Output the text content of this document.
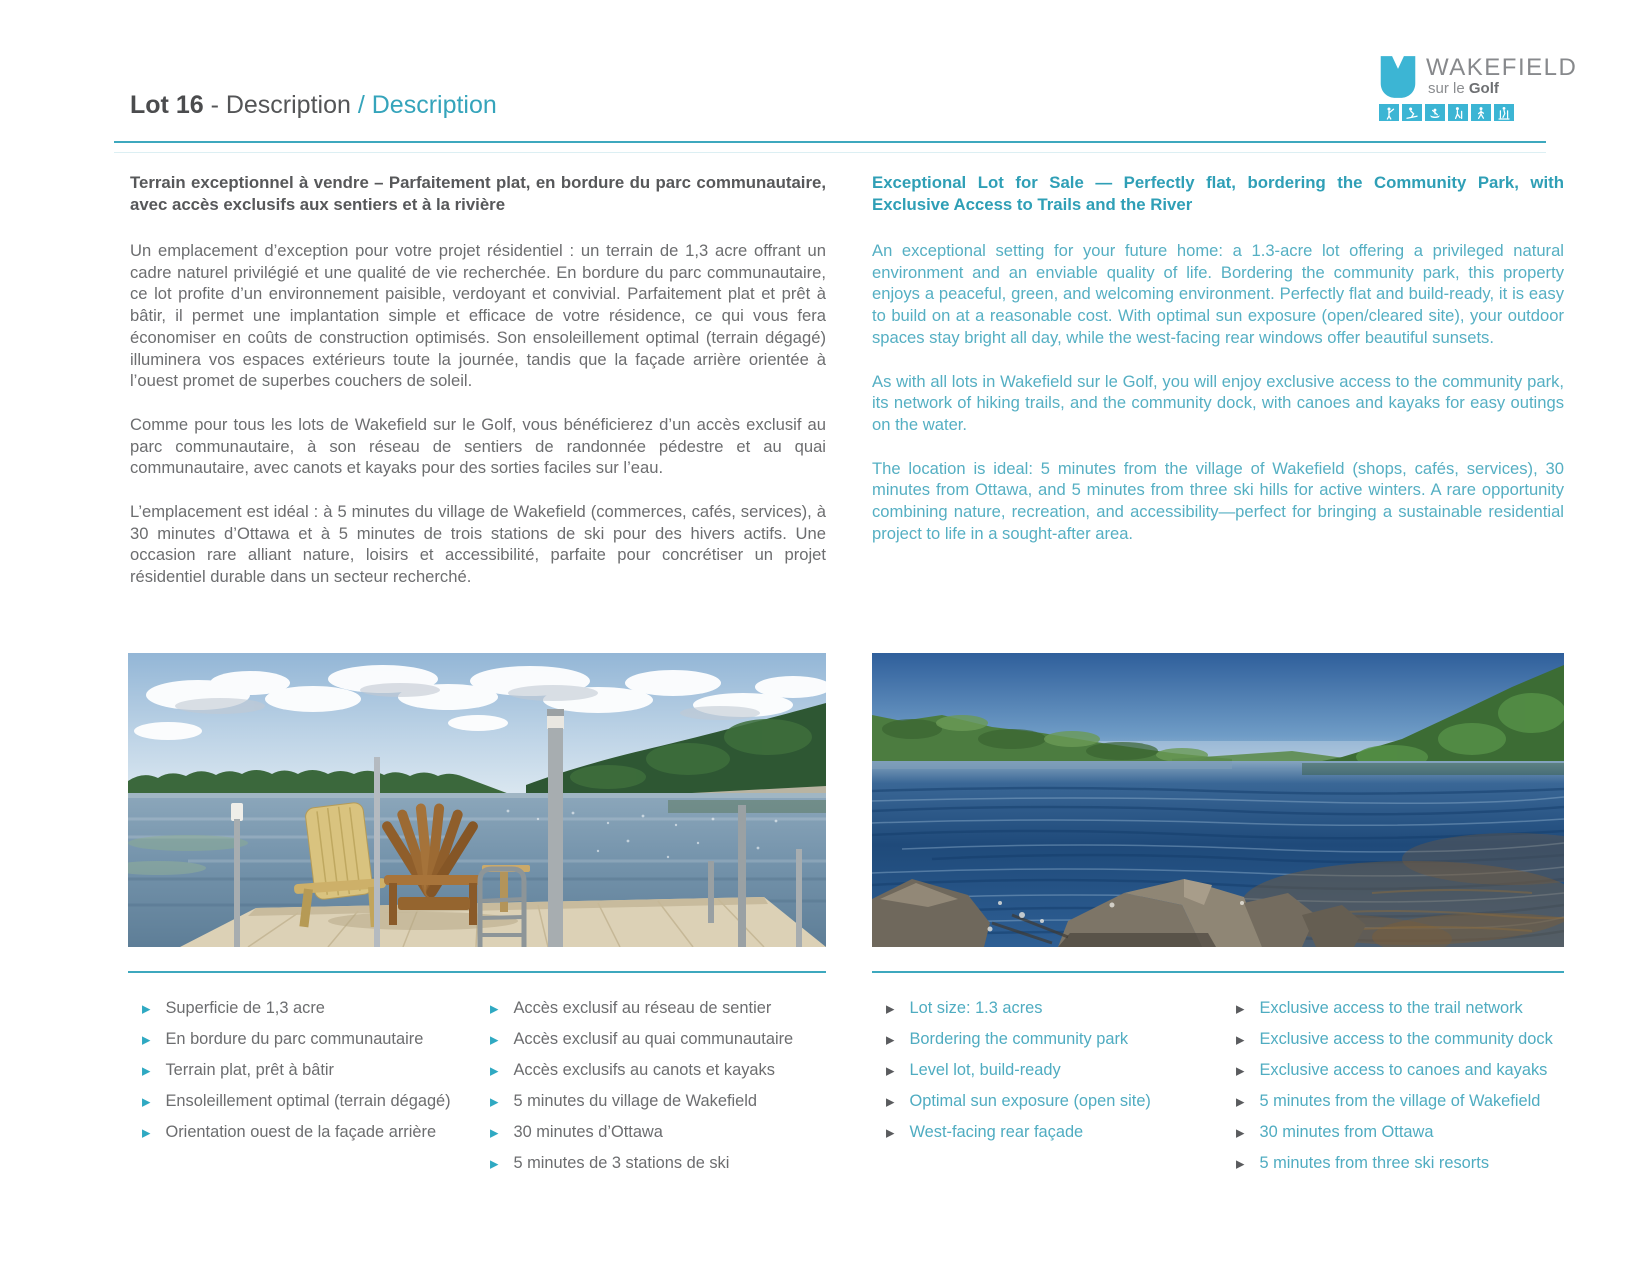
Lot 16 - Description / Description
WAKEFIELD
sur le Golf
Terrain exceptionnel à vendre – Parfaitement plat, en bordure du parc communautaire, avec accès exclusifs aux sentiers et à la rivière

Un emplacement d’exception pour votre projet résidentiel : un terrain de 1,3 acre offrant un cadre naturel privilégié et une qualité de vie recherchée. En bordure du parc communautaire, ce lot profite d’un environnement paisible, verdoyant et convivial. Parfaitement plat et prêt à bâtir, il permet une implantation simple et efficace de votre résidence, ce qui vous fera économiser en coûts de construction optimisés. Son ensoleillement optimal (terrain dégagé) illuminera vos espaces extérieurs toute la journée, tandis que la façade arrière orientée à l’ouest promet de superbes couchers de soleil.

Comme pour tous les lots de Wakefield sur le Golf, vous bénéficierez d’un accès exclusif au parc communautaire, à son réseau de sentiers de randonnée pédestre et au quai communautaire, avec canots et kayaks pour des sorties faciles sur l’eau.

L’emplacement est idéal : à 5 minutes du village de Wakefield (commerces, cafés, services), à 30 minutes d’Ottawa et à 5 minutes de trois stations de ski pour des hivers actifs. Une occasion rare alliant nature, loisirs et accessibilité, parfaite pour concrétiser un projet résidentiel durable dans un secteur recherché.

Exceptional Lot for Sale — Perfectly flat, bordering the Community Park, with Exclusive Access to Trails and the River

An exceptional setting for your future home: a 1.3-acre lot offering a privileged natural environment and an enviable quality of life. Bordering the community park, this property enjoys a peaceful, green, and welcoming environment. Perfectly flat and build-ready, it is easy to build on at a reasonable cost. With optimal sun exposure (open/cleared site), your outdoor spaces stay bright all day, while the west-facing rear windows offer beautiful sunsets.

As with all lots in Wakefield sur le Golf, you will enjoy exclusive access to the community park, its network of hiking trails, and the community dock, with canoes and kayaks for easy outings on the water.

The location is ideal: 5 minutes from the village of Wakefield (shops, cafés, services), 30 minutes from Ottawa, and 5 minutes from three ski hills for active winters. A rare opportunity combining nature, recreation, and accessibility—perfect for bringing a sustainable residential project to life in a sought-after area.

▶ Superficie de 1,3 acre
▶ En bordure du parc communautaire
▶ Terrain plat, prêt à bâtir
▶ Ensoleillement optimal (terrain dégagé)
▶ Orientation ouest de la façade arrière
▶ Accès exclusif au réseau de sentier
▶ Accès exclusif au quai communautaire
▶ Accès exclusifs au canots et kayaks
▶ 5 minutes du village de Wakefield
▶ 30 minutes d’Ottawa
▶ 5 minutes de 3 stations de ski
▶ Lot size: 1.3 acres
▶ Bordering the community park
▶ Level lot, build-ready
▶ Optimal sun exposure (open site)
▶ West-facing rear façade
▶ Exclusive access to the trail network
▶ Exclusive access to the community dock
▶ Exclusive access to canoes and kayaks
▶ 5 minutes from the village of Wakefield
▶ 30 minutes from Ottawa
▶ 5 minutes from three ski resorts
